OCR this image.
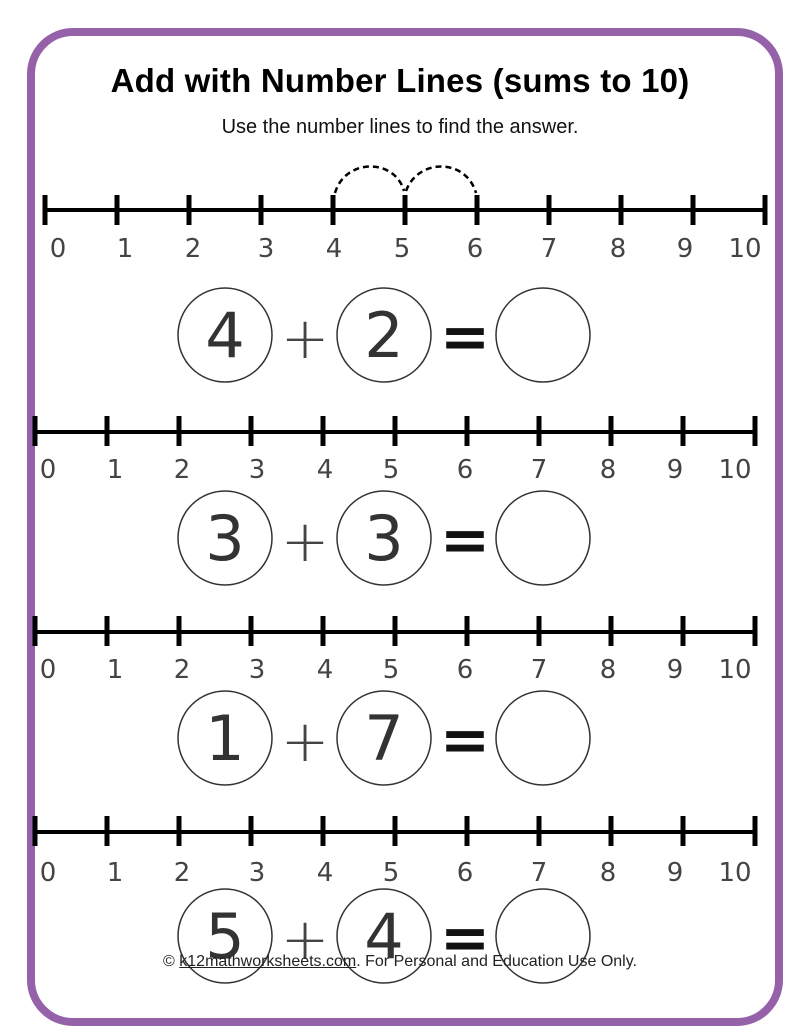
Add with Number Lines (sums to 10)
Use the number lines to find the answer.
0 1 2 3 4 5 6 7 8 9 10
0 1 2 3 4 5 6 7 8 9 10
0 1 2 3 4 5 6 7 8 9 10
0 1 2 3 4 5 6 7 8 9 10
4 + 2 =
3 + 3 =
1 + 7 =
5 + 4 =
© k12mathworksheets.com. For Personal and Education Use Only.
